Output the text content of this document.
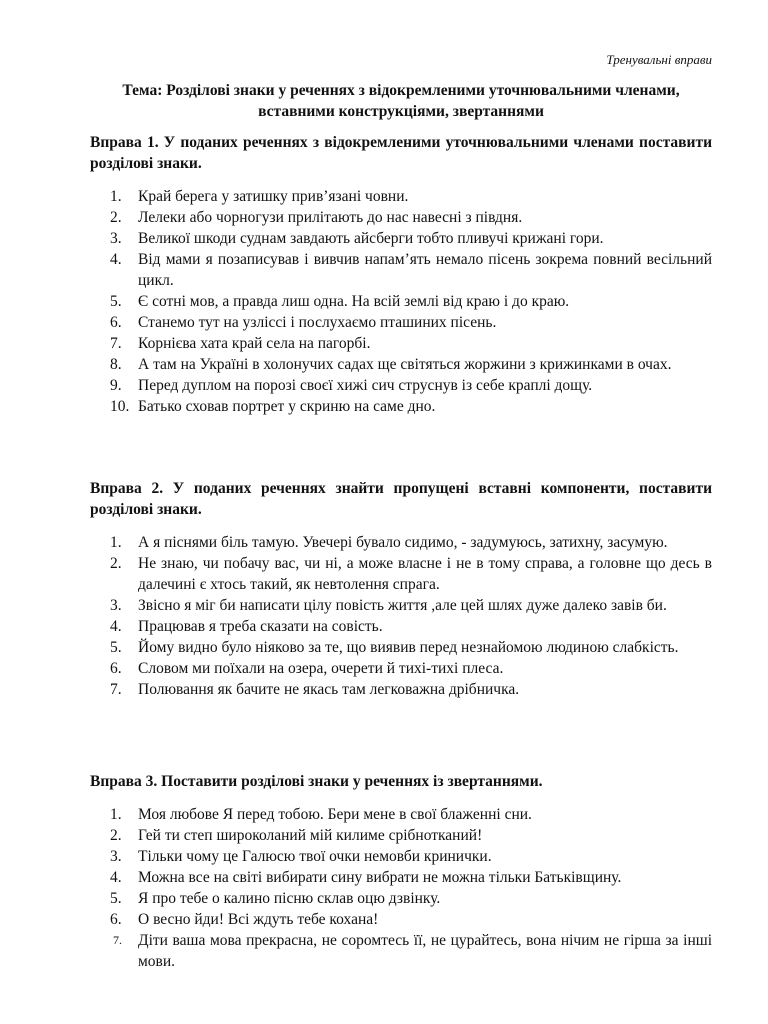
Тренувальні вправи
Тема: Розділові знаки у реченнях з відокремленими уточнювальними членами, вставними конструкціями, звертаннями

Вправа 1. У поданих реченнях з відокремленими уточнювальними членами поставити розділові знаки.

1. Край берега у затишку прив’язані човни.
2. Лелеки або чорногузи прилітають до нас навесні з півдня.
3. Великої шкоди суднам завдають айсберги тобто пливучі крижані гори.
4. Від мами я позаписував і вивчив напам’ять немало пісень зокрема повний весільний цикл.
5. Є сотні мов, а правда лиш одна. На всій землі від краю і до краю.
6. Станемо тут на узліссі і послухаємо пташиних пісень.
7. Корнієва хата край села на пагорбі.
8. А там на Україні в холонучих садах ще світяться жоржини з крижинками в очах.
9. Перед дуплом на порозі своєї хижі сич струснув із себе краплі дощу.
10. Батько сховав портрет у скриню на саме дно.

Вправа 2. У поданих реченнях знайти пропущені вставні компоненти, поставити розділові знаки.

1. А я піснями біль тамую. Увечері бувало сидимо, - задумуюсь, затихну, засумую.
2. Не знаю, чи побачу вас, чи ні, а може власне і не в тому справа, а головне що десь в далечині є хтось такий, як невтолення спрага.
3. Звісно я міг би написати цілу повість життя ,але цей шлях дуже далеко завів би.
4. Працював я треба сказати на совість.
5. Йому видно було ніяково за те, що виявив перед незнайомою людиною слабкість.
6. Словом ми поїхали на озера, очерети й тихі-тихі плеса.
7. Полювання як бачите не якась там легковажна дрібничка.

Вправа 3. Поставити розділові знаки у реченнях із звертаннями.

1. Моя любове Я перед тобою. Бери мене в свої блаженні сни.
2. Гей ти степ широколаний мій килиме срібнотканий!
3. Тільки чому це Галюсю твої очки немовби кринички.
4. Можна все на світі вибирати сину вибрати не можна тільки Батьківщину.
5. Я про тебе о калино пісню склав оцю дзвінку.
6. О весно йди! Всі ждуть тебе кохана!
7. Діти ваша мова прекрасна, не соромтесь її, не цурайтесь, вона нічим не гірша за інші мови.
